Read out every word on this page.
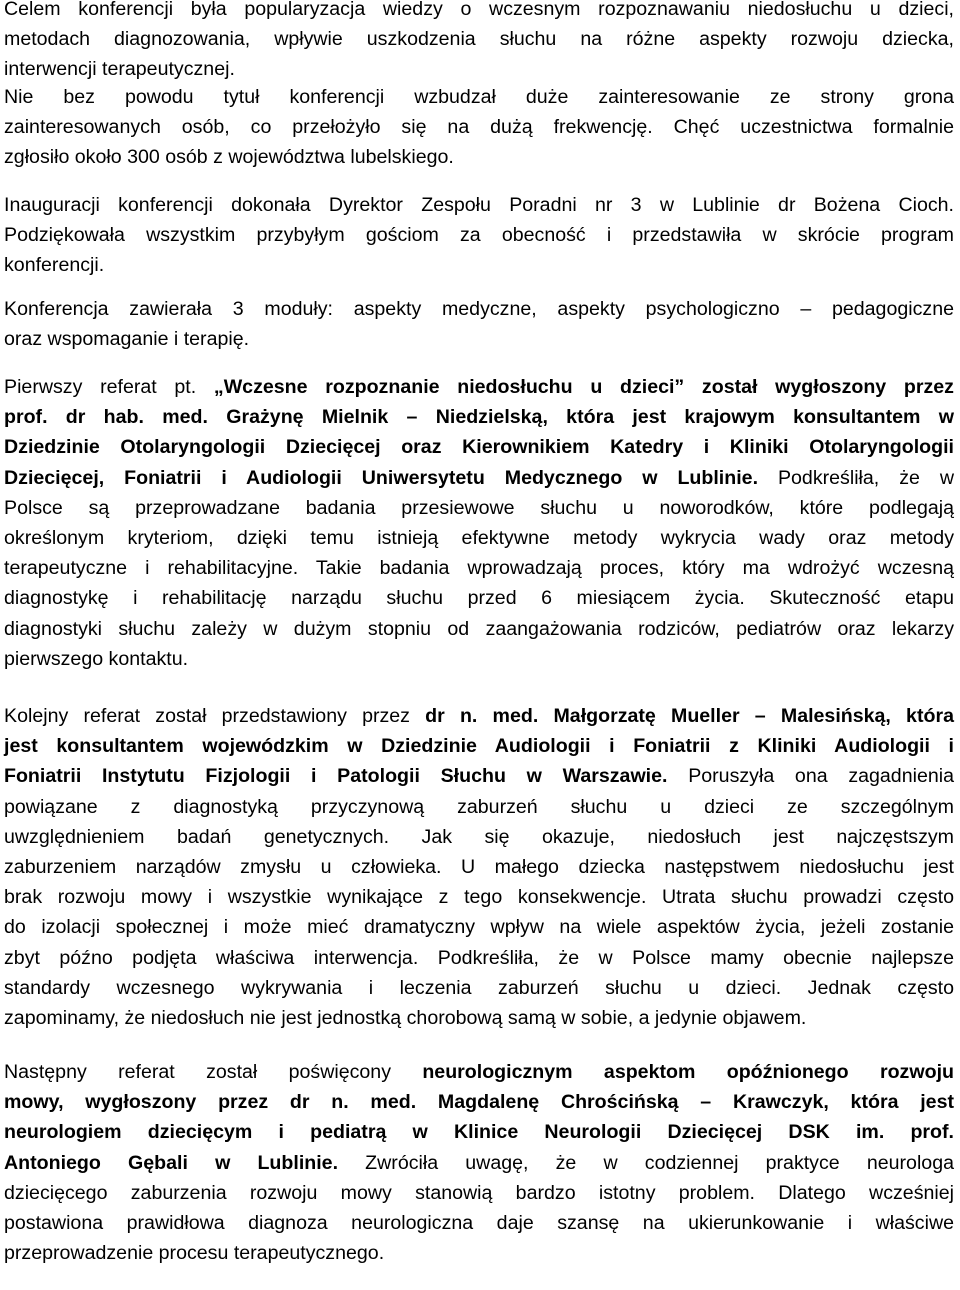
Celem konferencji była popularyzacja wiedzy o wczesnym rozpoznawaniu niedosłuchu u dzieci,
metodach diagnozowania, wpływie uszkodzenia słuchu na różne aspekty rozwoju dziecka,
interwencji terapeutycznej.
Nie bez powodu tytuł konferencji wzbudzał duże zainteresowanie ze strony grona
zainteresowanych osób, co przełożyło się na dużą frekwencję. Chęć uczestnictwa formalnie
zgłosiło około 300 osób z województwa lubelskiego.
Inauguracji konferencji dokonała Dyrektor Zespołu Poradni nr 3 w Lublinie dr Bożena Cioch.
Podziękowała wszystkim przybyłym gościom za obecność i przedstawiła w skrócie program
konferencji.
Konferencja zawierała 3 moduły: aspekty medyczne, aspekty psychologiczno – pedagogiczne
oraz wspomaganie i terapię.
Pierwszy referat pt. „Wczesne rozpoznanie niedosłuchu u dzieci” został wygłoszony przez
prof. dr hab. med. Grażynę Mielnik – Niedzielską, która jest krajowym konsultantem w
Dziedzinie Otolaryngologii Dziecięcej oraz Kierownikiem Katedry i Kliniki Otolaryngologii
Dziecięcej, Foniatrii i Audiologii Uniwersytetu Medycznego w Lublinie. Podkreśliła, że w
Polsce są przeprowadzane badania przesiewowe słuchu u noworodków, które podlegają
określonym kryteriom, dzięki temu istnieją efektywne metody wykrycia wady oraz metody
terapeutyczne i rehabilitacyjne. Takie badania wprowadzają proces, który ma wdrożyć wczesną
diagnostykę i rehabilitację narządu słuchu przed 6 miesiącem życia. Skuteczność etapu
diagnostyki słuchu zależy w dużym stopniu od zaangażowania rodziców, pediatrów oraz lekarzy
pierwszego kontaktu.
Kolejny referat został przedstawiony przez dr n. med. Małgorzatę Mueller – Malesińską, która
jest konsultantem wojewódzkim w Dziedzinie Audiologii i Foniatrii z Kliniki Audiologii i
Foniatrii Instytutu Fizjologii i Patologii Słuchu w Warszawie. Poruszyła ona zagadnienia
powiązane z diagnostyką przyczynową zaburzeń słuchu u dzieci ze szczególnym
uwzględnieniem badań genetycznych. Jak się okazuje, niedosłuch jest najczęstszym
zaburzeniem narządów zmysłu u człowieka. U małego dziecka następstwem niedosłuchu jest
brak rozwoju mowy i wszystkie wynikające z tego konsekwencje. Utrata słuchu prowadzi często
do izolacji społecznej i może mieć dramatyczny wpływ na wiele aspektów życia, jeżeli zostanie
zbyt późno podjęta właściwa interwencja. Podkreśliła, że w Polsce mamy obecnie najlepsze
standardy wczesnego wykrywania i leczenia zaburzeń słuchu u dzieci. Jednak często
zapominamy, że niedosłuch nie jest jednostką chorobową samą w sobie, a jedynie objawem.
Następny referat został poświęcony neurologicznym aspektom opóźnionego rozwoju
mowy, wygłoszony przez dr n. med. Magdalenę Chrościńską – Krawczyk, która jest
neurologiem dziecięcym i pediatrą w Klinice Neurologii Dziecięcej DSK im. prof.
Antoniego Gębali w Lublinie. Zwróciła uwagę, że w codziennej praktyce neurologa
dziecięcego zaburzenia rozwoju mowy stanowią bardzo istotny problem. Dlatego wcześniej
postawiona prawidłowa diagnoza neurologiczna daje szansę na ukierunkowanie i właściwe
przeprowadzenie procesu terapeutycznego.
